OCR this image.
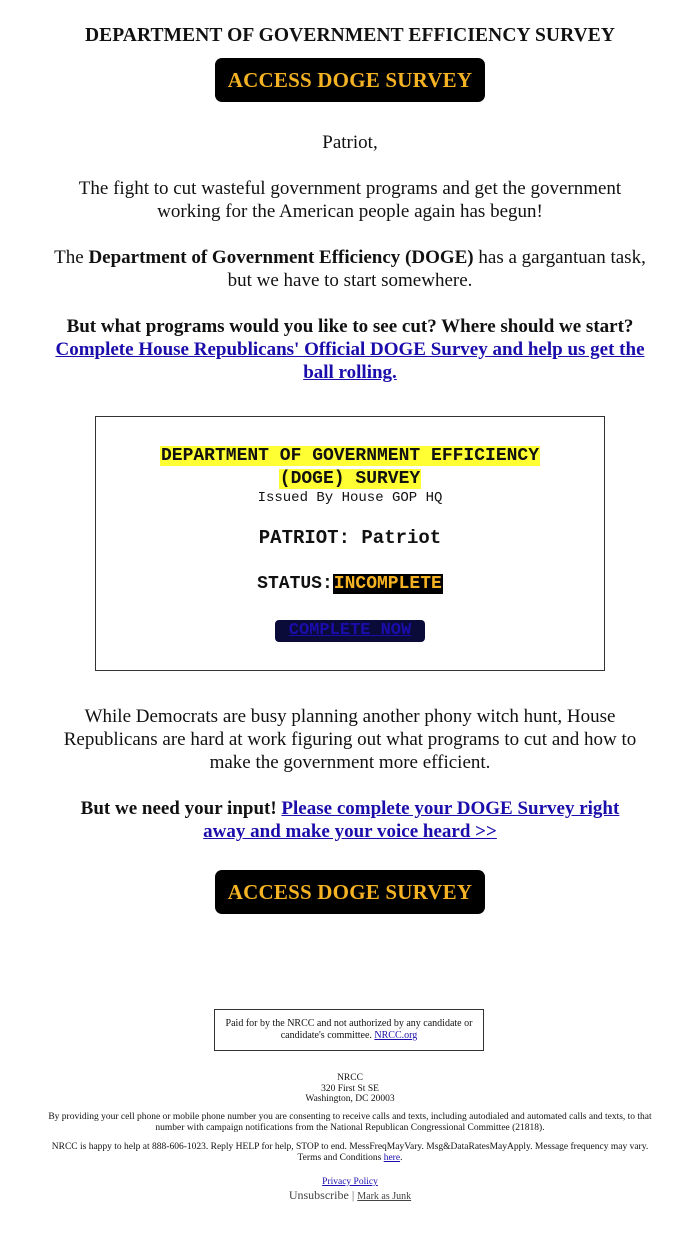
DEPARTMENT OF GOVERNMENT EFFICIENCY SURVEY
ACCESS DOGE SURVEY
Patriot,
The fight to cut wasteful government programs and get the government working for the American people again has begun!
The Department of Government Efficiency (DOGE) has a gargantuan task, but we have to start somewhere.
But what programs would you like to see cut? Where should we start?
Complete House Republicans' Official DOGE Survey and help us get the ball rolling.
DEPARTMENT OF GOVERNMENT EFFICIENCY
(DOGE) SURVEY
Issued By House GOP HQ
PATRIOT: Patriot
STATUS:INCOMPLETE
COMPLETE NOW
While Democrats are busy planning another phony witch hunt, House Republicans are hard at work figuring out what programs to cut and how to make the government more efficient.
But we need your input! Please complete your DOGE Survey right away and make your voice heard >>
ACCESS DOGE SURVEY
Paid for by the NRCC and not authorized by any candidate or candidate's committee. NRCC.org
NRCC
320 First St SE
Washington, DC 20003
By providing your cell phone or mobile phone number you are consenting to receive calls and texts, including autodialed and automated calls and texts, to that number with campaign notifications from the National Republican Congressional Committee (21818).
NRCC is happy to help at 888-606-1023. Reply HELP for help, STOP to end. MessFreqMayVary. Msg&DataRatesMayApply. Message frequency may vary. Terms and Conditions here.
Privacy Policy
Unsubscribe | Mark as Junk
